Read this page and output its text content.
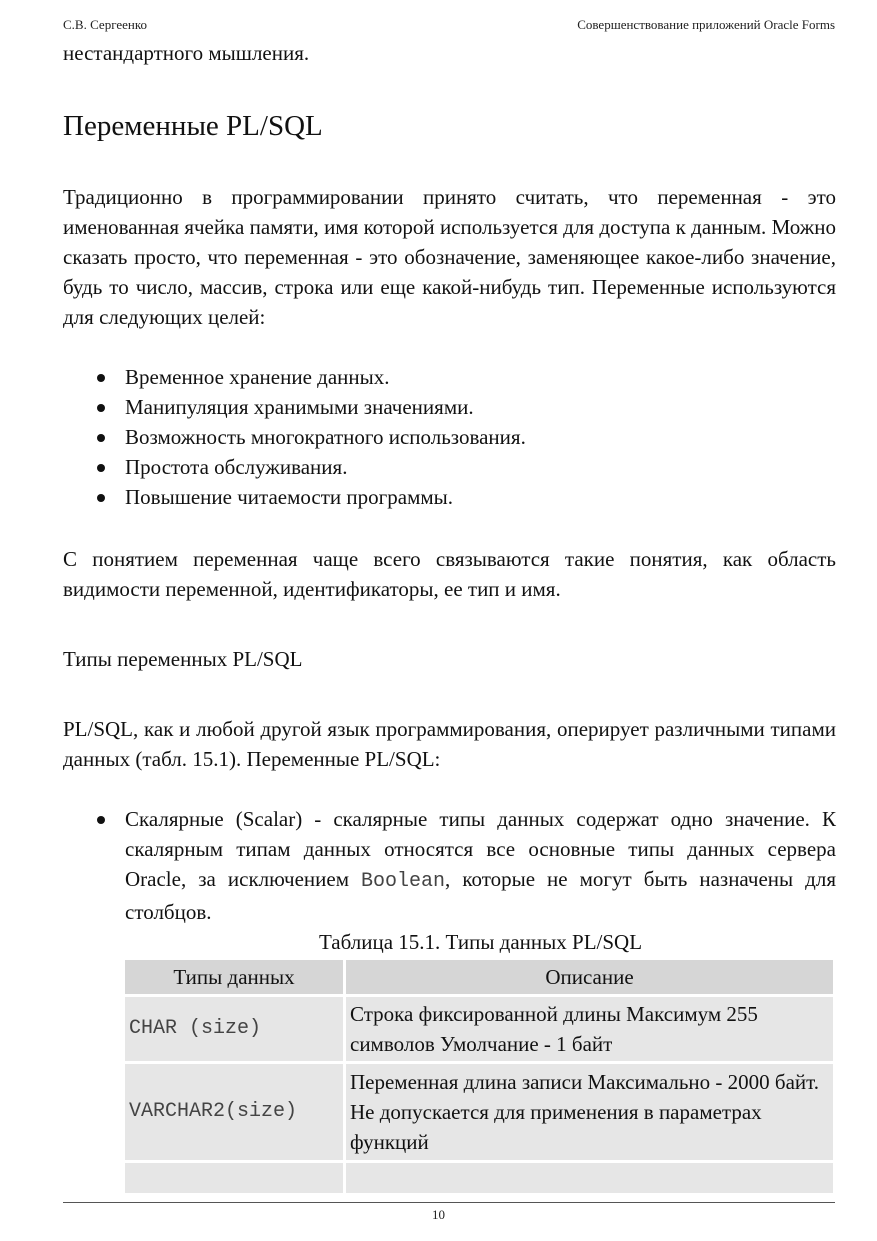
С.В. Сергеенко	Совершенствование приложений Oracle Forms

нестандартного мышления.

Переменные PL/SQL

Традиционно в программировании принято считать, что переменная - это именованная ячейка памяти, имя которой используется для доступа к данным. Можно сказать просто, что переменная - это обозначение, заменяющее какое-либо значение, будь то число, массив, строка или еще какой-нибудь тип. Переменные используются для следующих целей:

Временное хранение данных.
Манипуляция хранимыми значениями.
Возможность многократного использования.
Простота обслуживания.
Повышение читаемости программы.

С понятием переменная чаще всего связываются такие понятия, как область видимости переменной, идентификаторы, ее тип и имя.

Типы переменных PL/SQL

PL/SQL, как и любой другой язык программирования, оперирует различными типами данных (табл. 15.1). Переменные PL/SQL:

Скалярные (Scalar) - скалярные типы данных содержат одно значение. К скалярным типам данных относятся все основные типы данных сервера Oracle, за исключением Boolean, которые не могут быть назначены для столбцов.
Таблица 15.1. Типы данных PL/SQL
Типы данных	Описание
CHAR (size)	Строка фиксированной длины Максимум 255 символов Умолчание - 1 байт
VARCHAR2(size)	Переменная длина записи Максимально - 2000 байт. Не допускается для применения в параметрах функций

10
